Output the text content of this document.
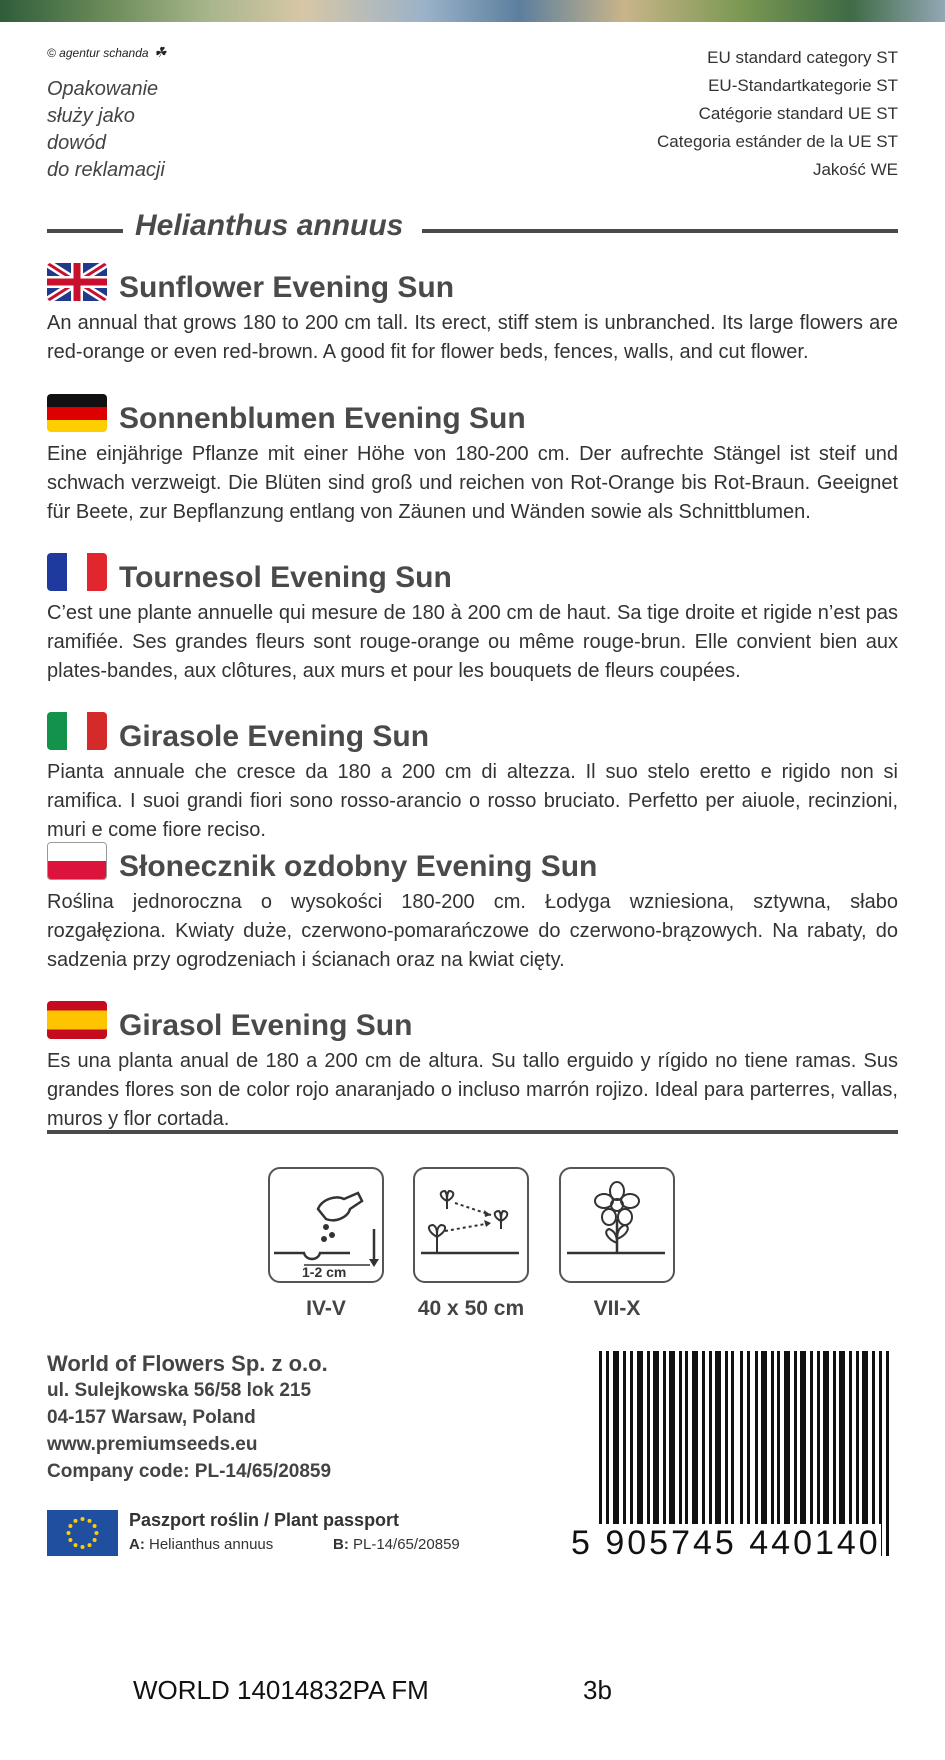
© agentur schanda ☘
Opakowanie
służy jako
dowód
do reklamacji
EU standard category ST
EU-Standartkategorie ST
Catégorie standard UE ST
Categoria estánder de la UE ST
Jakość WE
Helianthus annuus
Sunflower Evening Sun

An annual that grows 180 to 200 cm tall. Its erect, stiff stem is unbranched. Its large flowers are red-orange or even red-brown. A good fit for flower beds, fences, walls, and cut flower.

Sonnenblumen Evening Sun

Eine einjährige Pflanze mit einer Höhe von 180-200 cm. Der aufrechte Stängel ist steif und schwach verzweigt. Die Blüten sind groß und reichen von Rot-Orange bis Rot-Braun. Geeignet für Beete, zur Bepflanzung entlang von Zäunen und Wänden sowie als Schnittblumen.

Tournesol Evening Sun

C’est une plante annuelle qui mesure de 180 à 200 cm de haut. Sa tige droite et rigide n’est pas ramifiée. Ses grandes fleurs sont rouge-orange ou même rouge-brun. Elle convient bien aux plates-bandes, aux clôtures, aux murs et pour les bouquets de fleurs coupées.

Girasole Evening Sun

Pianta annuale che cresce da 180 a 200 cm di altezza. Il suo stelo eretto e rigido non si ramifica. I suoi grandi fiori sono rosso-arancio o rosso bruciato. Perfetto per aiuole, recinzioni, muri e come fiore reciso.

Słonecznik ozdobny Evening Sun

Roślina jednoroczna o wysokości 180-200 cm. Łodyga wzniesiona, sztywna, słabo rozgałęziona. Kwiaty duże, czerwono-pomarańczowe do czerwono-brązowych. Na rabaty, do sadzenia przy ogrodzeniach i ścianach oraz na kwiat cięty.

Girasol Evening Sun

Es una planta anual de 180 a 200 cm de altura. Su tallo erguido y rígido no tiene ramas. Sus grandes flores son de color rojo anaranjado o incluso marrón rojizo. Ideal para parterres, vallas, muros y flor cortada.

1-2 cm
IV-V	40 x 50 cm	VII-X
World of Flowers Sp. z o.o.
ul. Sulejkowska 56/58 lok 215
04-157 Warsaw, Poland
www.premiumseeds.eu
Company code: PL-14/65/20859
Paszport roślin / Plant passport
A: Helianthus annuus	B: PL-14/65/20859	5 905745 440140
WORLD 14014832PA FM	3b
